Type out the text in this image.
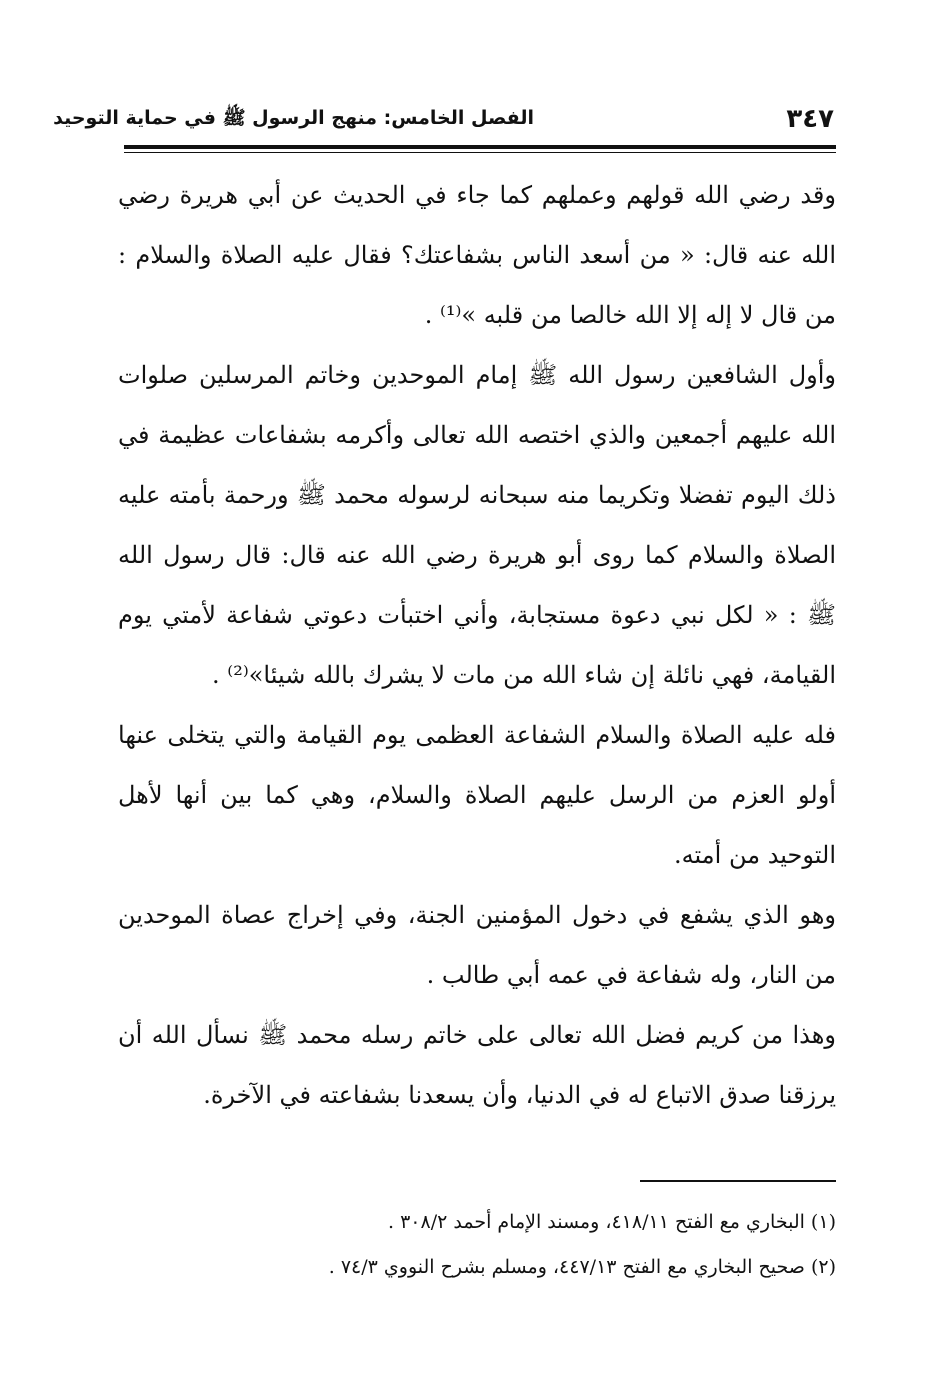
٣٤٧
الفصل الخامس: منهج الرسول ﷺ في حماية التوحيد

وقد رضي الله قولهم وعملهم كما جاء في الحديث عن أبي هريرة رضي الله عنه قال: « من أسعد الناس بشفاعتك؟ فقال عليه الصلاة والسلام : من قال لا إله إلا الله خالصا من قلبه »⁽¹⁾ .

وأول الشافعين رسول الله ﷺ إمام الموحدين وخاتم المرسلين صلوات الله عليهم أجمعين والذي اختصه الله تعالى وأكرمه بشفاعات عظيمة في ذلك اليوم تفضلا وتكريما منه سبحانه لرسوله محمد ﷺ ورحمة بأمته عليه الصلاة والسلام كما روى أبو هريرة رضي الله عنه قال: قال رسول الله ﷺ : « لكل نبي دعوة مستجابة، وأني اختبأت دعوتي شفاعة لأمتي يوم القيامة، فهي نائلة إن شاء الله من مات لا يشرك بالله شيئا»⁽²⁾ .

فله عليه الصلاة والسلام الشفاعة العظمى يوم القيامة والتي يتخلى عنها أولو العزم من الرسل عليهم الصلاة والسلام، وهي كما بين أنها لأهل التوحيد من أمته.

وهو الذي يشفع في دخول المؤمنين الجنة، وفي إخراج عصاة الموحدين من النار، وله شفاعة في عمه أبي طالب .

وهذا من كريم فضل الله تعالى على خاتم رسله محمد ﷺ نسأل الله أن يرزقنا صدق الاتباع له في الدنيا، وأن يسعدنا بشفاعته في الآخرة.

(١) البخاري مع الفتح ٤١٨/١١، ومسند الإمام أحمد ٣٠٨/٢ .

(٢) صحيح البخاري مع الفتح ٤٤٧/١٣، ومسلم بشرح النووي ٧٤/٣ .
